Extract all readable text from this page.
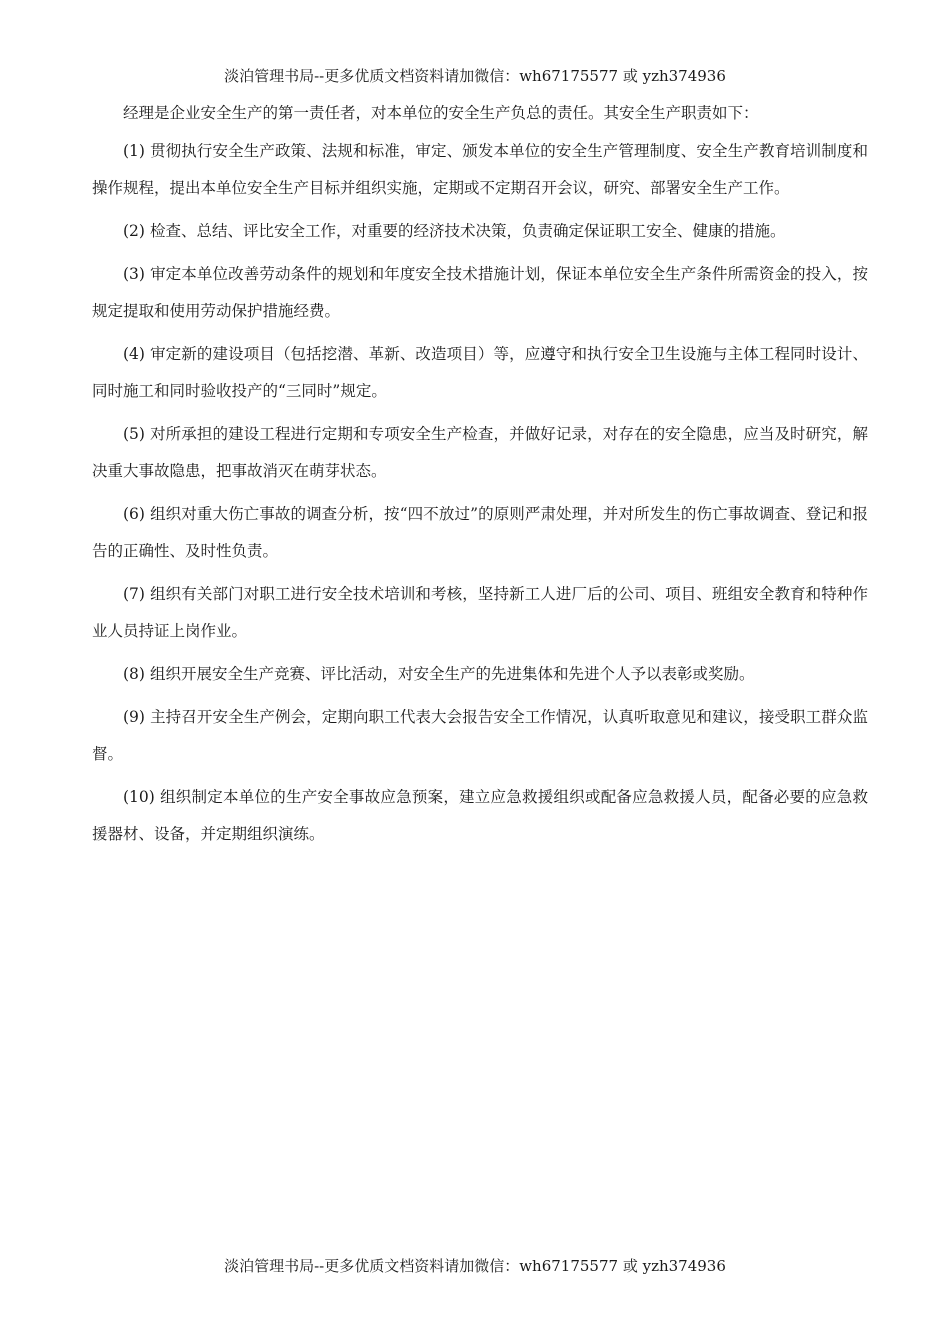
淡泊管理书局--更多优质文档资料请加微信：wh67175577 或 yzh374936

经理是企业安全生产的第一责任者，对本单位的安全生产负总的责任。其安全生产职责如下：

(1) 贯彻执行安全生产政策、法规和标准，审定、颁发本单位的安全生产管理制度、安全生产教育培训制度和操作规程，提出本单位安全生产目标并组织实施，定期或不定期召开会议，研究、部署安全生产工作。

(2) 检查、总结、评比安全工作，对重要的经济技术决策，负责确定保证职工安全、健康的措施。

(3) 审定本单位改善劳动条件的规划和年度安全技术措施计划，保证本单位安全生产条件所需资金的投入，按规定提取和使用劳动保护措施经费。

(4) 审定新的建设项目（包括挖潜、革新、改造项目）等，应遵守和执行安全卫生设施与主体工程同时设计、同时施工和同时验收投产的“三同时”规定。

(5) 对所承担的建设工程进行定期和专项安全生产检查，并做好记录，对存在的安全隐患，应当及时研究，解决重大事故隐患，把事故消灭在萌芽状态。

(6) 组织对重大伤亡事故的调查分析，按“四不放过”的原则严肃处理，并对所发生的伤亡事故调查、登记和报告的正确性、及时性负责。

(7) 组织有关部门对职工进行安全技术培训和考核，坚持新工人进厂后的公司、项目、班组安全教育和特种作业人员持证上岗作业。

(8) 组织开展安全生产竞赛、评比活动，对安全生产的先进集体和先进个人予以表彰或奖励。

(9) 主持召开安全生产例会，定期向职工代表大会报告安全工作情况，认真听取意见和建议，接受职工群众监督。

(10) 组织制定本单位的生产安全事故应急预案，建立应急救援组织或配备应急救援人员，配备必要的应急救援器材、设备，并定期组织演练。

淡泊管理书局--更多优质文档资料请加微信：wh67175577 或 yzh374936
